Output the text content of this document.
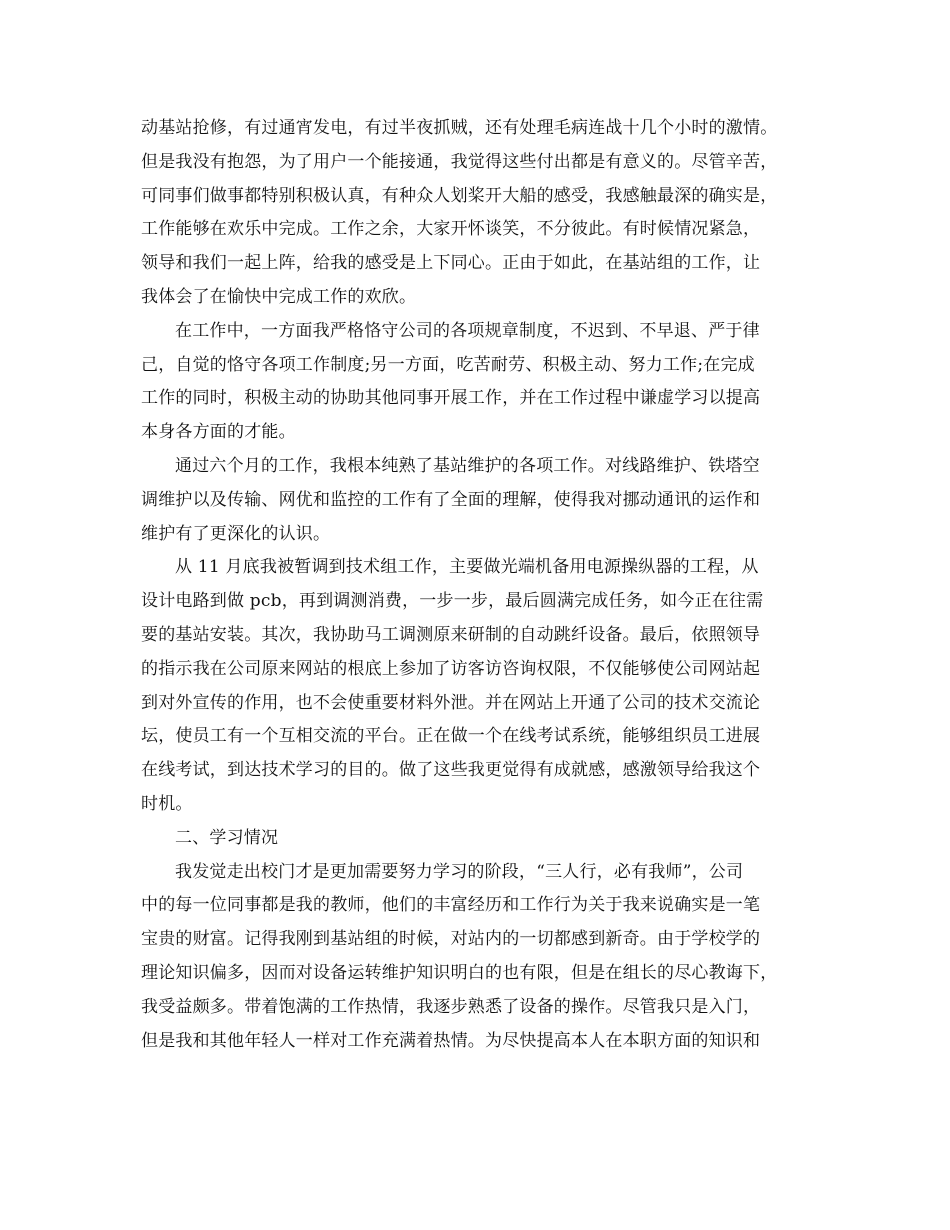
动基站抢修，有过通宵发电，有过半夜抓贼，还有处理毛病连战十几个小时的激情。
但是我没有抱怨，为了用户一个能接通，我觉得这些付出都是有意义的。尽管辛苦，
可同事们做事都特别积极认真，有种众人划桨开大船的感受，我感触最深的确实是，
工作能够在欢乐中完成。工作之余，大家开怀谈笑，不分彼此。有时候情况紧急，
领导和我们一起上阵，给我的感受是上下同心。正由于如此，在基站组的工作，让
我体会了在愉快中完成工作的欢欣。
在工作中，一方面我严格恪守公司的各项规章制度，不迟到、不早退、严于律
己，自觉的恪守各项工作制度;另一方面，吃苦耐劳、积极主动、努力工作;在完成
工作的同时，积极主动的协助其他同事开展工作，并在工作过程中谦虚学习以提高
本身各方面的才能。
通过六个月的工作，我根本纯熟了基站维护的各项工作。对线路维护、铁塔空
调维护以及传输、网优和监控的工作有了全面的理解，使得我对挪动通讯的运作和
维护有了更深化的认识。
从 11 月底我被暂调到技术组工作，主要做光端机备用电源操纵器的工程，从
设计电路到做 pcb，再到调测消费，一步一步，最后圆满完成任务，如今正在往需
要的基站安装。其次，我协助马工调测原来研制的自动跳纤设备。最后，依照领导
的指示我在公司原来网站的根底上参加了访客访咨询权限，不仅能够使公司网站起
到对外宣传的作用，也不会使重要材料外泄。并在网站上开通了公司的技术交流论
坛，使员工有一个互相交流的平台。正在做一个在线考试系统，能够组织员工进展
在线考试，到达技术学习的目的。做了这些我更觉得有成就感，感激领导给我这个
时机。
二、学习情况
我发觉走出校门才是更加需要努力学习的阶段，“三人行，必有我师”，公司
中的每一位同事都是我的教师，他们的丰富经历和工作行为关于我来说确实是一笔
宝贵的财富。记得我刚到基站组的时候，对站内的一切都感到新奇。由于学校学的
理论知识偏多，因而对设备运转维护知识明白的也有限，但是在组长的尽心教诲下，
我受益颇多。带着饱满的工作热情，我逐步熟悉了设备的操作。尽管我只是入门，
但是我和其他年轻人一样对工作充满着热情。为尽快提高本人在本职方面的知识和
